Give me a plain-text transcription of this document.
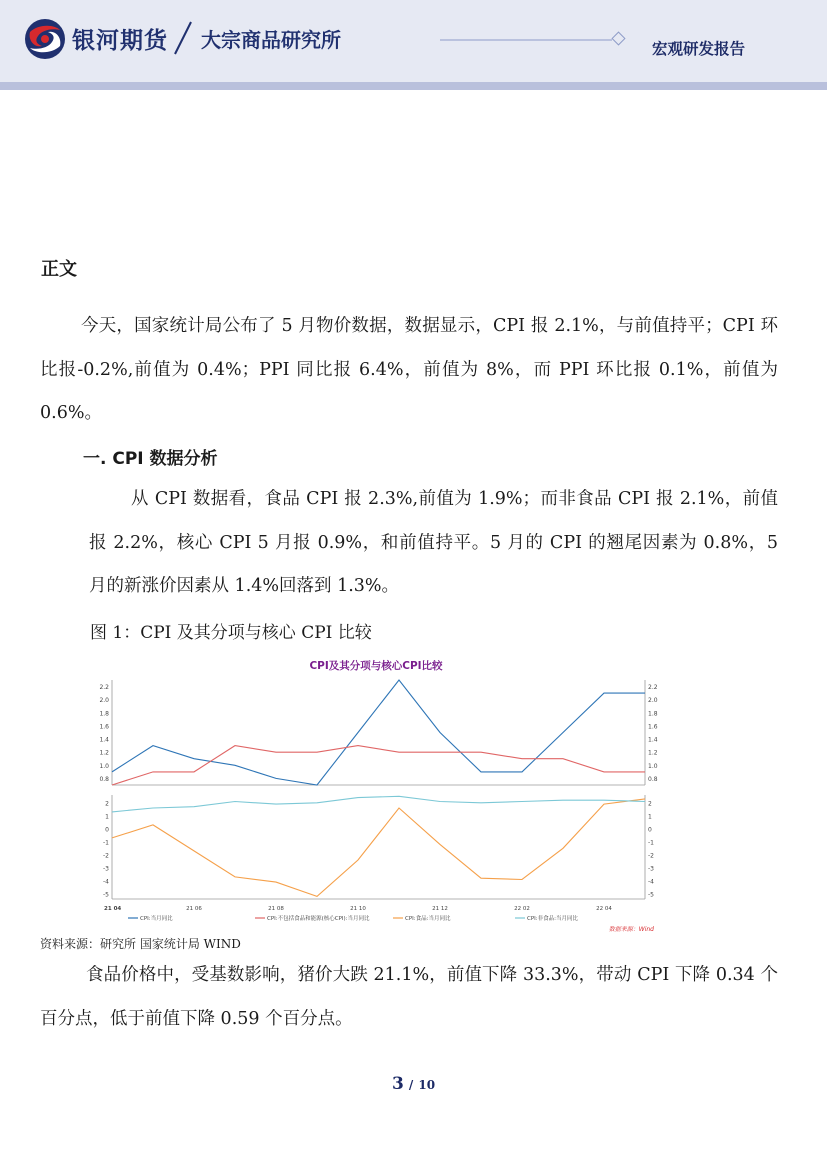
银河期货 大宗商品研究所	宏观研发报告
正文
今天，国家统计局公布了 5 月物价数据，数据显示，CPI 报 2.1%，与前值持平；CPI 环比报-0.2%,前值为 0.4%；PPI 同比报 6.4%，前值为 8%，而 PPI 环比报 0.1%，前值为 0.6%。
一. CPI 数据分析
从 CPI 数据看，食品 CPI 报 2.3%,前值为 1.9%；而非食品 CPI 报 2.1%，前值报 2.2%，核心 CPI 5 月报 0.9%，和前值持平。5 月的 CPI 的翘尾因素为 0.8%，5 月的新涨价因素从 1.4%回落到 1.3%。
图 1：CPI 及其分项与核心 CPI 比较
CPI及其分项与核心CPI比较
2.2	2.2
2.0	2.0
1.8	1.8
1.6	1.6
1.4	1.4
1.2	1.2
1.0	1.0
0.8	0.8
2	2
1	1
0	0
-1	-1
-2	-2
-3	-3
-4	-4
-5	-5
21 04	21 06	21 08	21 10	21 12	22 02	22 04
CPI:当月同比	CPI:不包括食品和能源(核心CPI):当月同比	CPI:食品:当月同比	CPI:非食品:当月同比
数据来源：Wind
资料来源：研究所 国家统计局 WIND
食品价格中，受基数影响，猪价大跌 21.1%，前值下降 33.3%，带动 CPI 下降 0.34 个百分点，低于前值下降 0.59 个百分点。
3 / 10
